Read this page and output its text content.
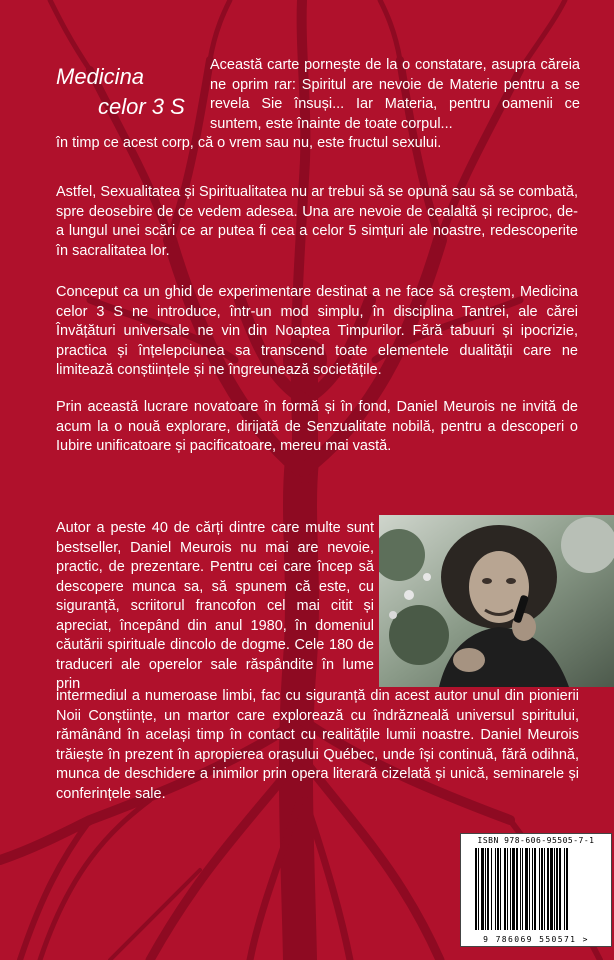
Medicina
celor 3 S

Această carte pornește de la o constatare, asupra căreia ne oprim rar: Spiritul are nevoie de Materie pentru a se revela Sie însuși... Iar Materia, pentru oamenii ce suntem, este înainte de toate corpul...

în timp ce acest corp, că o vrem sau nu, este fructul sexului.

Astfel, Sexualitatea și Spiritualitatea nu ar trebui să se opună sau să se combată, spre deosebire de ce vedem adesea. Una are nevoie de cealaltă și reciproc, de-a lungul unei scări ce ar putea fi cea a celor 5 simțuri ale noastre, redescoperite în sacralitatea lor.

Conceput ca un ghid de experimentare destinat a ne face să creștem, Medicina celor 3 S ne introduce, într-un mod simplu, în disciplina Tantrei, ale cărei Învățături universale ne vin din Noaptea Timpurilor. Fără tabuuri și ipocrizie, practica și înțelepciunea sa transcend toate elementele dualității care ne limitează conștiințele și ne îngreunează societățile.

Prin această lucrare novatoare în formă și în fond, Daniel Meurois ne invită de acum la o nouă explorare, dirijată de Senzualitate nobilă, pentru a descoperi o Iubire unificatoare și pacificatoare, mereu mai vastă.

Autor a peste 40 de cărți dintre care multe sunt bestseller, Daniel Meurois nu mai are nevoie, practic, de prezentare. Pentru cei care încep să descopere munca sa, să spunem că este, cu siguranță, scriitorul francofon cel mai citit și apreciat, începând din anul 1980, în domeniul căutării spirituale dincolo de dogme. Cele 180 de traduceri ale operelor sale răspândite în lume prin

intermediul a numeroase limbi, fac cu siguranță din acest autor unul din pionierii Noii Conștiințe, un martor care explorează cu îndrăzneală universul spiritului, rămânând în același timp în contact cu realitățile lumii noastre. Daniel Meurois trăiește în prezent în apropierea orașului Québec, unde își continuă, fără odihnă, munca de deschidere a inimilor prin opera literară cizelată și unică, seminarele și conferințele sale.

ISBN 978-606-95505-7-1
9 786069 550571 >
